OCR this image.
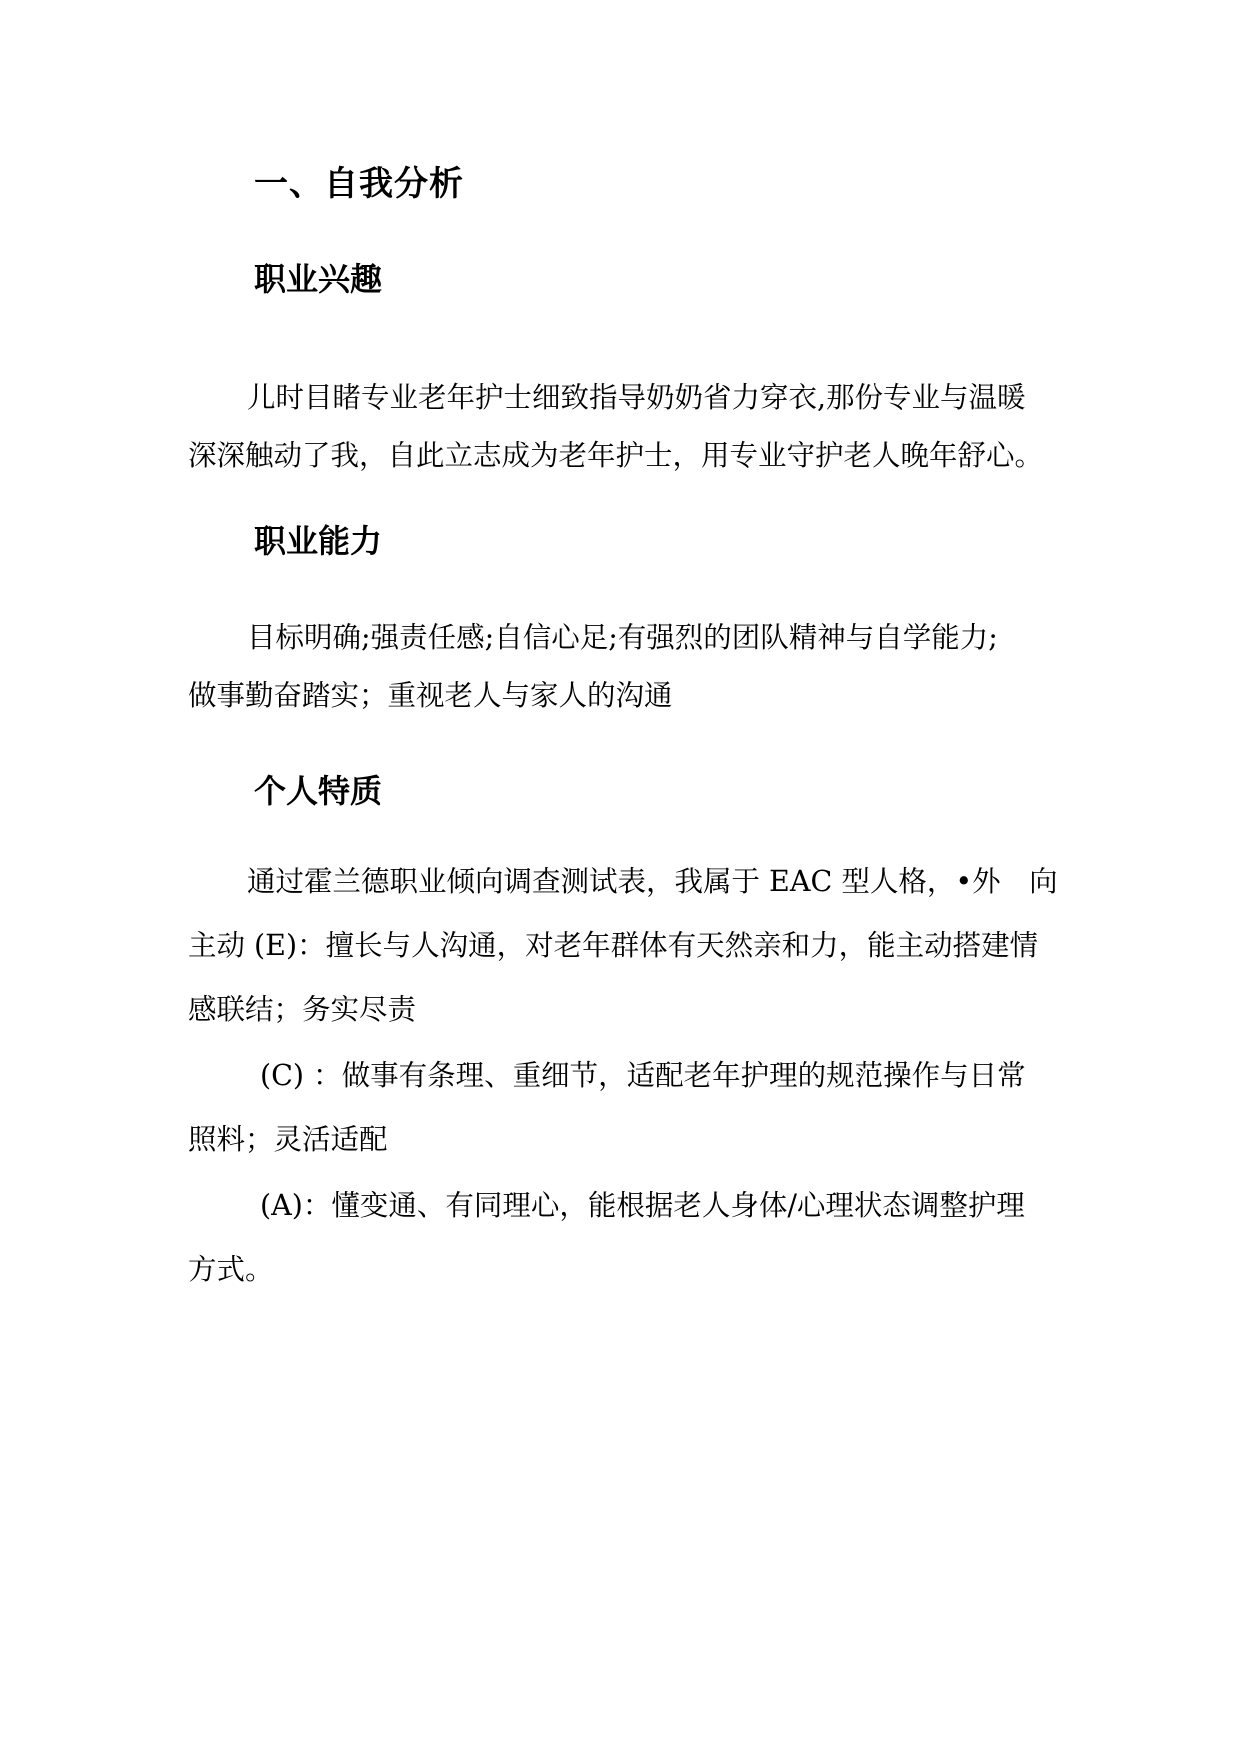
一、自我分析
职业兴趣
儿时目睹专业老年护士细致指导奶奶省力穿衣,那份专业与温暖
深深触动了我，自此立志成为老年护士，用专业守护老人晚年舒心。
职业能力
目标明确;强责任感;自信心足;有强烈的团队精神与自学能力;
做事勤奋踏实；重视老人与家人的沟通
个人特质
通过霍兰德职业倾向调查测试表，我属于 EAC 型人格，•外　向
主动 (E)：擅长与人沟通，对老年群体有天然亲和力，能主动搭建情
感联结；务实尽责
(C) ：做事有条理、重细节，适配老年护理的规范操作与日常
照料；灵活适配
(A)：懂变通、有同理心，能根据老人身体/心理状态调整护理
方式。
